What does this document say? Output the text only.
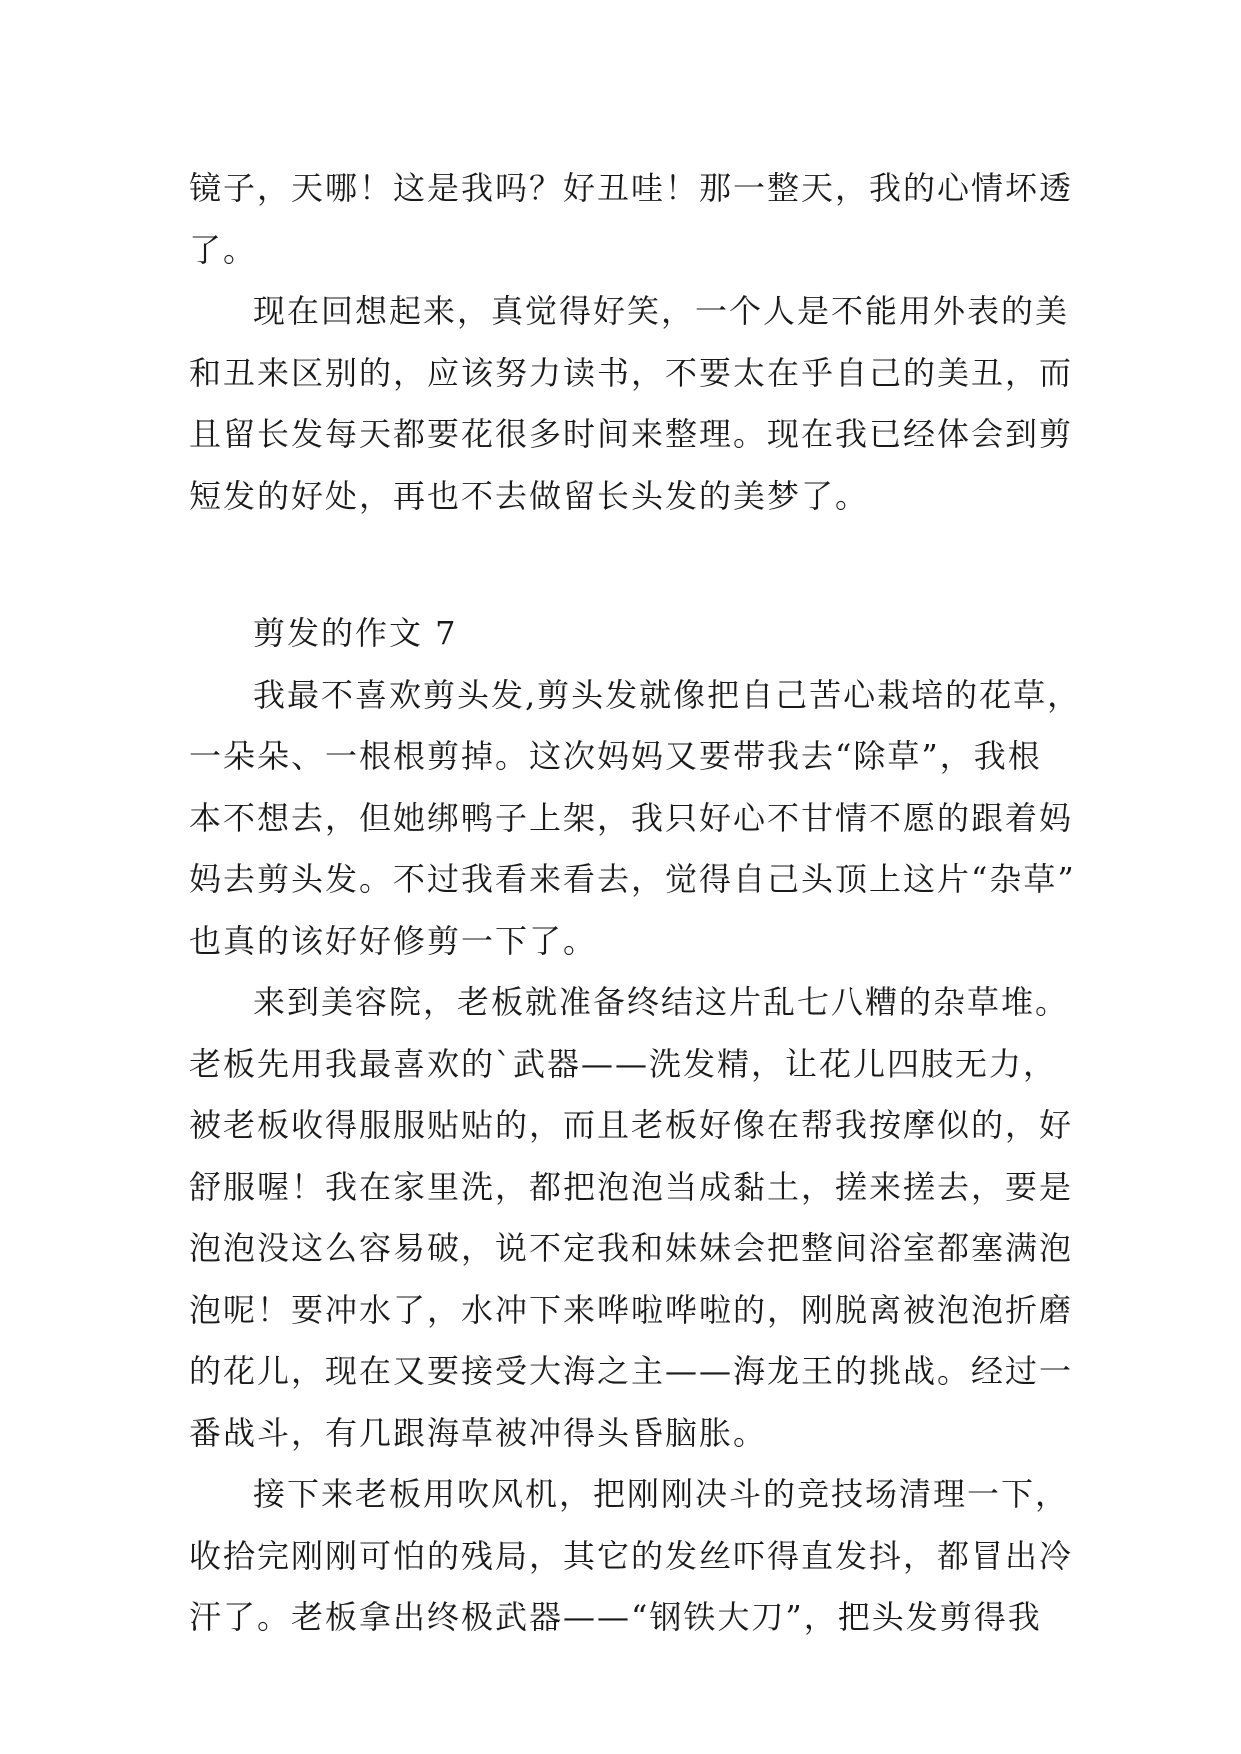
镜子，天哪！这是我吗？好丑哇！那一整天，我的心情坏透
了。
现在回想起来，真觉得好笑，一个人是不能用外表的美
和丑来区别的，应该努力读书，不要太在乎自己的美丑，而
且留长发每天都要花很多时间来整理。现在我已经体会到剪
短发的好处，再也不去做留长头发的美梦了。
剪发的作文 7
我最不喜欢剪头发,剪头发就像把自己苦心栽培的花草，
一朵朵、一根根剪掉。这次妈妈又要带我去“除草”，我根
本不想去，但她绑鸭子上架，我只好心不甘情不愿的跟着妈
妈去剪头发。不过我看来看去，觉得自己头顶上这片“杂草”
也真的该好好修剪一下了。
来到美容院，老板就准备终结这片乱七八糟的杂草堆。
老板先用我最喜欢的`武器——洗发精，让花儿四肢无力，
被老板收得服服贴贴的，而且老板好像在帮我按摩似的，好
舒服喔！我在家里洗，都把泡泡当成黏土，搓来搓去，要是
泡泡没这么容易破，说不定我和妹妹会把整间浴室都塞满泡
泡呢！要冲水了，水冲下来哗啦哗啦的，刚脱离被泡泡折磨
的花儿，现在又要接受大海之主——海龙王的挑战。经过一
番战斗，有几跟海草被冲得头昏脑胀。
接下来老板用吹风机，把刚刚决斗的竞技场清理一下，
收拾完刚刚可怕的残局，其它的发丝吓得直发抖，都冒出冷
汗了。老板拿出终极武器——“钢铁大刀”，把头发剪得我
